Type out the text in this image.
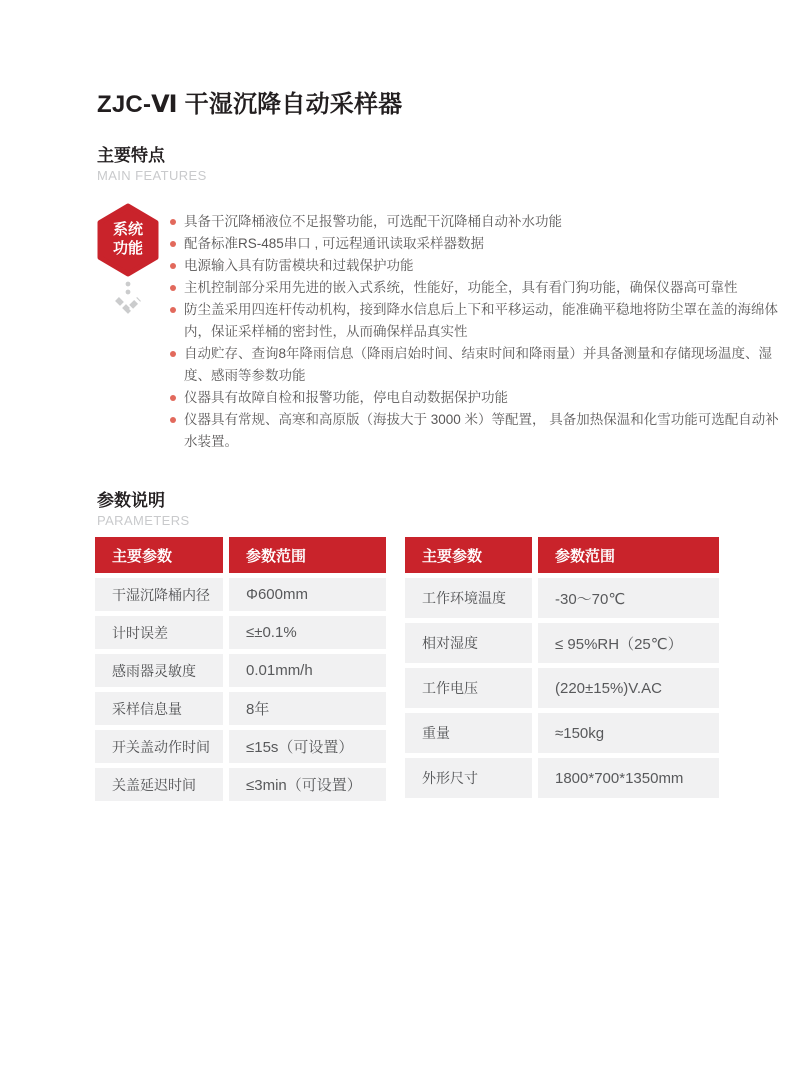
ZJC-Ⅵ 干湿沉降自动采样器
主要特点
MAIN FEATURES
系统
功能
具备干沉降桶液位不足报警功能，可选配干沉降桶自动补水功能
配备标准RS-485串口 , 可远程通讯读取采样器数据
电源输入具有防雷模块和过载保护功能
主机控制部分采用先进的嵌入式系统，性能好，功能全，具有看门狗功能，确保仪器高可靠性
防尘盖采用四连杆传动机构，接到降水信息后上下和平移运动，能准确平稳地将防尘罩在盖的海绵体内，保证采样桶的密封性，从而确保样品真实性
自动贮存、查询8年降雨信息（降雨启始时间、结束时间和降雨量）并具备测量和存储现场温度、湿度、感雨等参数功能
仪器具有故障自检和报警功能，停电自动数据保护功能
仪器具有常规、高寒和高原版（海拔大于 3000 米）等配置， 具备加热保温和化雪功能可选配自动补水装置。
参数说明
PARAMETERS
主要参数	参数范围
干湿沉降桶内径	Φ600mm
计时误差	≤±0.1%
感雨器灵敏度	0.01mm/h
采样信息量	8年
开关盖动作时间	≤15s（可设置）
关盖延迟时间	≤3min（可设置）
主要参数	参数范围
工作环境温度	-30～70℃
相对湿度	≤ 95%RH（25℃）
工作电压	(220±15%)V.AC
重量	≈150kg
外形尺寸	1800*700*1350mm
